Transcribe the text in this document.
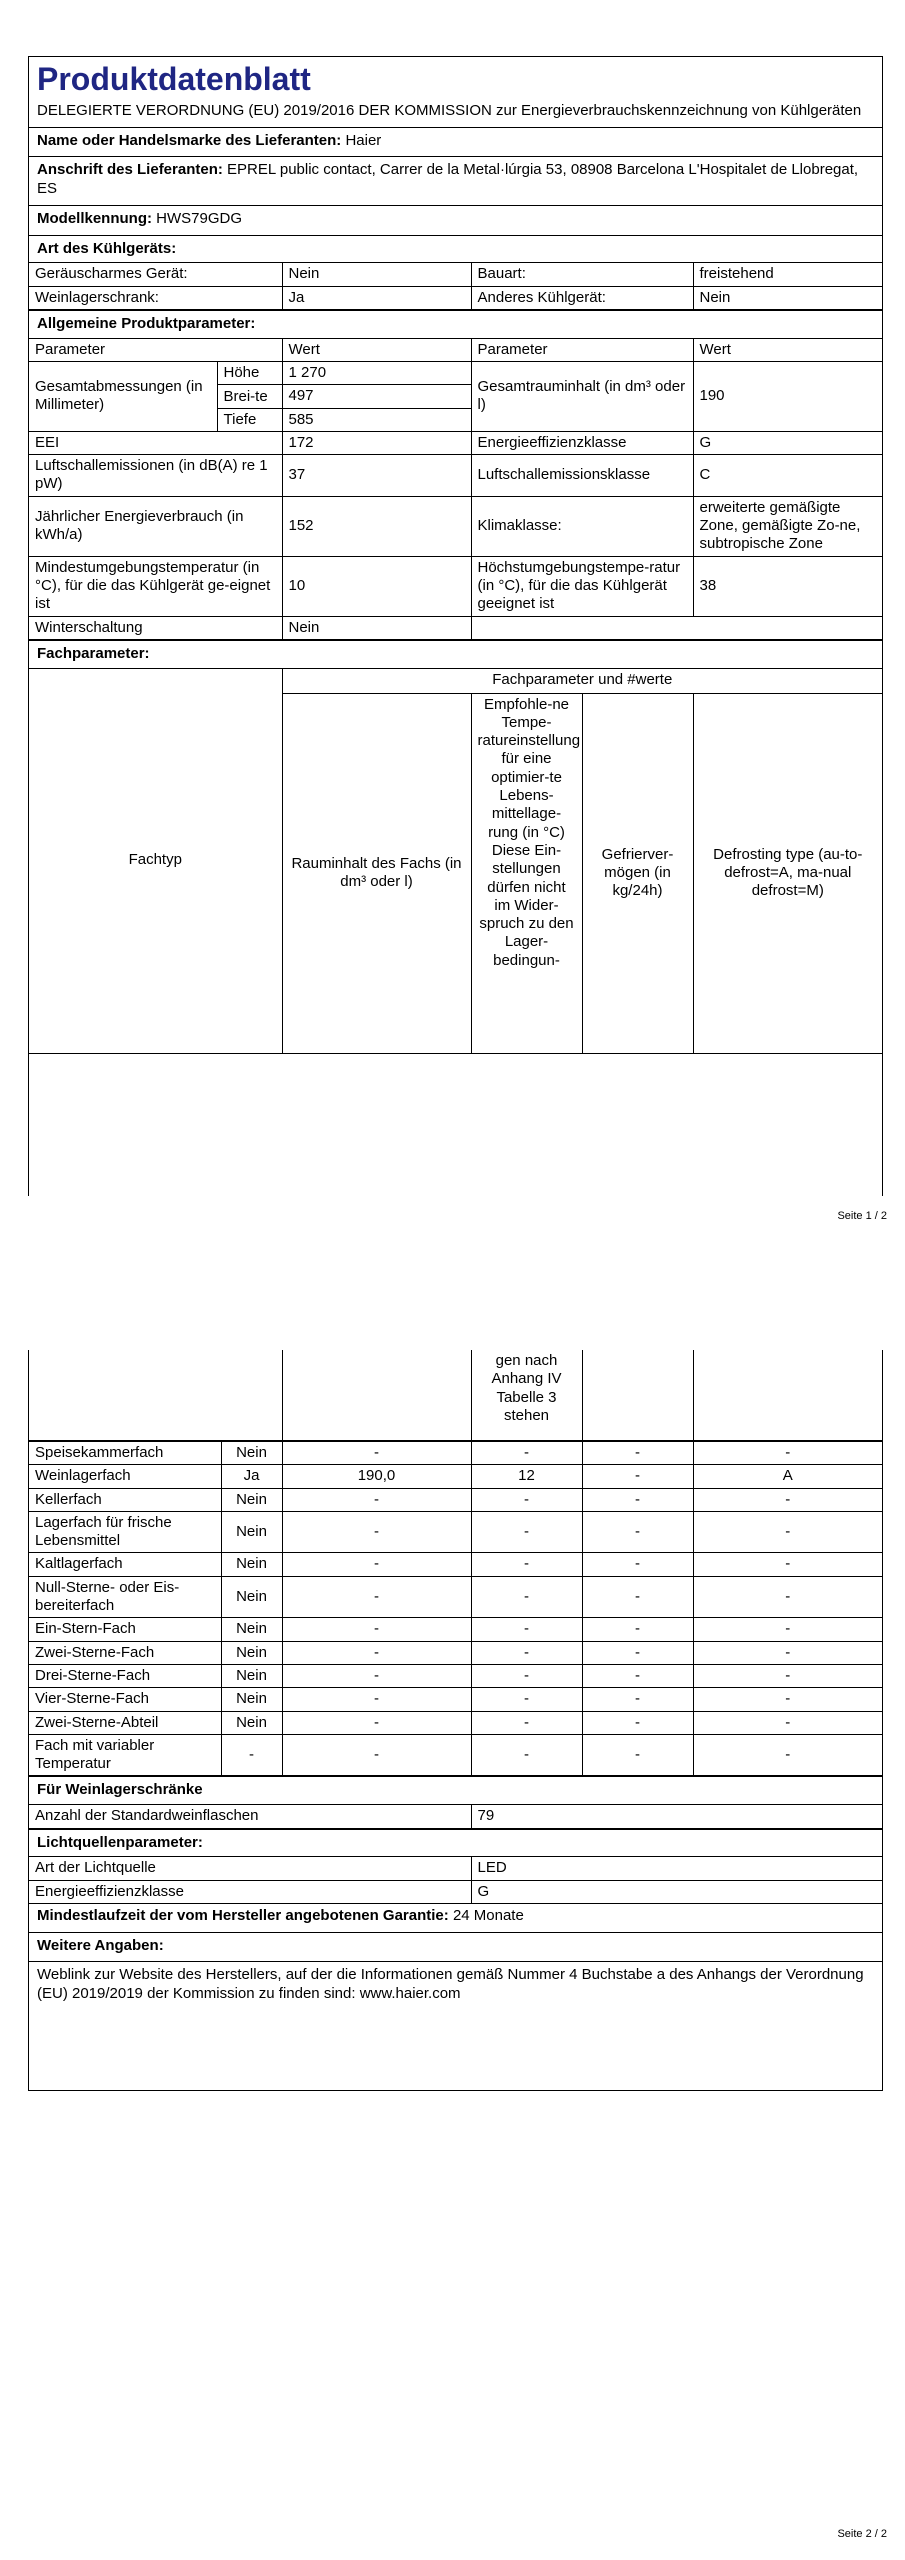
Produktdatenblatt
DELEGIERTE VERORDNUNG (EU) 2019/2016 DER KOMMISSION zur Energieverbrauchskennzeichnung von Kühlgeräten
Name oder Handelsmarke des Lieferanten: Haier
Anschrift des Lieferanten: EPREL public contact, Carrer de la Metal·lúrgia 53, 08908 Barcelona L'Hospitalet de Llobregat, ES
Modellkennung: HWS79GDG
Art des Kühlgeräts:
Geräuscharmes Gerät:	Nein	Bauart:	freistehend
Weinlagerschrank:	Ja	Anderes Kühlgerät:	Nein
Allgemeine Produktparameter:
Parameter		Wert	Parameter	Wert
Gesamtabmessungen (in Millimeter)	Höhe	1 270	Gesamtrauminhalt (in dm³ oder l)	190
	Brei-te	497		
	Tiefe	585		
EEI		172	Energieeffizienzklasse	G
Luftschallemissionen (in dB(A) re 1 pW)		37	Luftschallemissionsklasse	C
Jährlicher Energieverbrauch (in kWh/a)		152	Klimaklasse:	erweiterte gemäßigte Zone, gemäßigte Zo-ne, subtropische Zone
Mindestumgebungstemperatur (in °C), für die das Kühlgerät ge-eignet ist		10	Höchstumgebungstempe-ratur (in °C), für die das Kühlgerät geeignet ist	38
Winterschaltung		Nein		
Fachparameter:
Fachtyp	Fachparameter und #werte			
	Rauminhalt des Fachs (in dm³ oder l)	Empfohle-ne Tempe-ratureinstellung für eine optimier-te Lebens-mittellage-rung (in °C) Diese Ein-stellungen dürfen nicht im Wider-spruch zu den Lager-bedingun-	Gefrierver-mögen (in kg/24h)	Defrosting type (au-to-defrost=A, ma-nual defrost=M)
Seite 1 / 2
			gen nach Anhang IV Tabelle 3 stehen		
Speisekammerfach	Nein	-	-	-	-
Weinlagerfach	Ja	190,0	12	-	A
Kellerfach	Nein	-	-	-	-
Lagerfach für frische Lebensmittel	Nein	-	-	-	-
Kaltlagerfach	Nein	-	-	-	-
Null-Sterne- oder Eis-bereiterfach	Nein	-	-	-	-
Ein-Stern-Fach	Nein	-	-	-	-
Zwei-Sterne-Fach	Nein	-	-	-	-
Drei-Sterne-Fach	Nein	-	-	-	-
Vier-Sterne-Fach	Nein	-	-	-	-
Zwei-Sterne-Abteil	Nein	-	-	-	-
Fach mit variabler Temperatur	-	-	-	-	-
Für Weinlagerschränke
Anzahl der Standardweinflaschen	79
Lichtquellenparameter:
Art der Lichtquelle	LED
Energieeffizienzklasse	G
Mindestlaufzeit der vom Hersteller angebotenen Garantie: 24 Monate
Weitere Angaben:
Weblink zur Website des Herstellers, auf der die Informationen gemäß Nummer 4 Buchstabe a des Anhangs der Verordnung (EU) 2019/2019 der Kommission zu finden sind: www.haier.com
Seite 2 / 2
